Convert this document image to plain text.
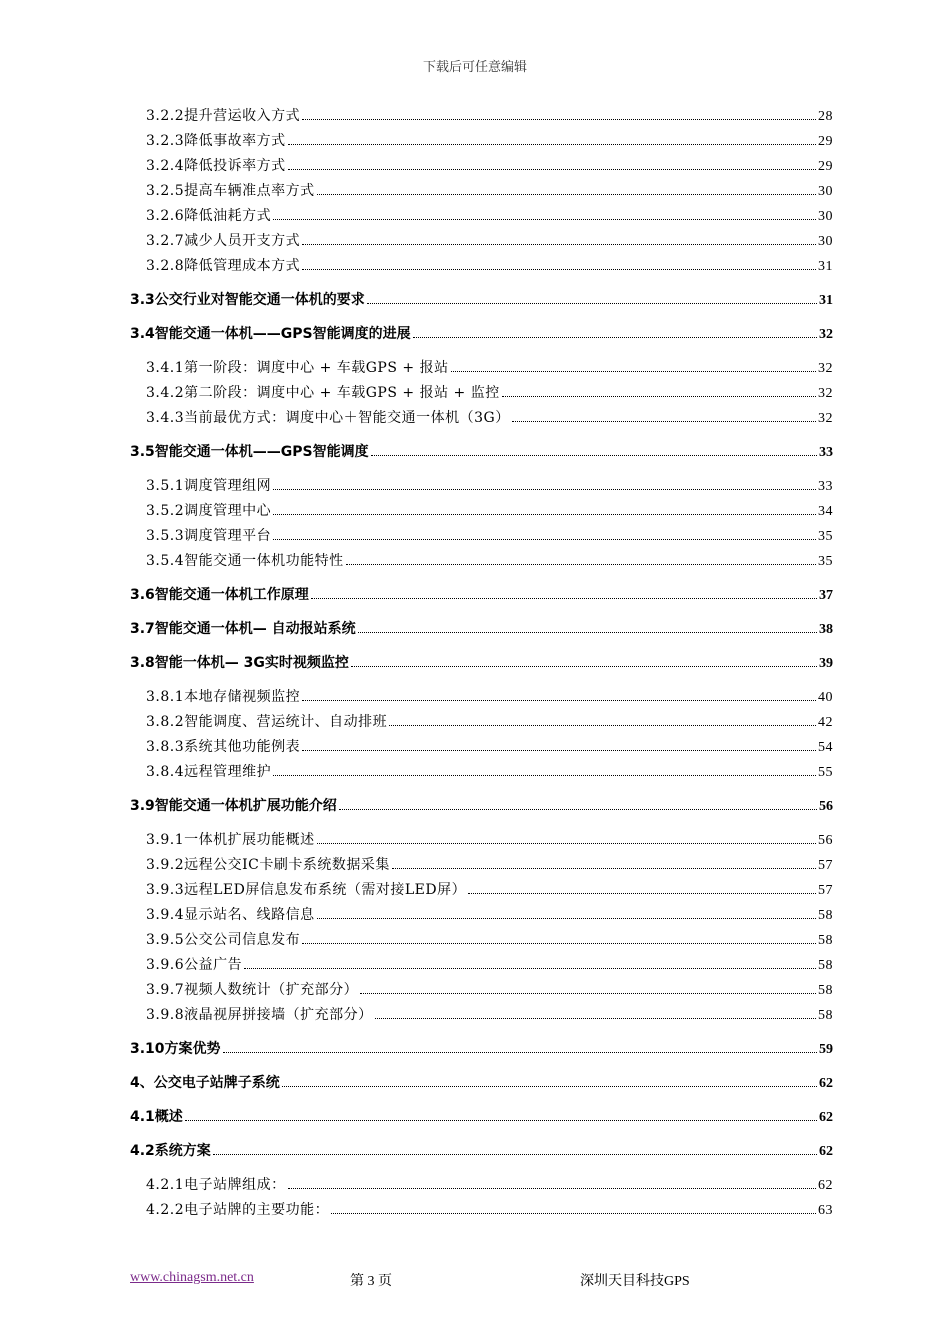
下载后可任意编辑
3.2.2提升营运收入方式	28
3.2.3降低事故率方式	29
3.2.4降低投诉率方式	29
3.2.5提高车辆准点率方式	30
3.2.6降低油耗方式	30
3.2.7减少人员开支方式	30
3.2.8降低管理成本方式	31
3.3公交行业对智能交通一体机的要求	31
3.4智能交通一体机——GPS智能调度的进展	32
3.4.1第一阶段：调度中心 + 车载GPS + 报站	32
3.4.2第二阶段：调度中心 + 车载GPS + 报站 + 监控	32
3.4.3当前最优方式：调度中心＋智能交通一体机（3G）	32
3.5智能交通一体机——GPS智能调度	33
3.5.1调度管理组网	33
3.5.2调度管理中心	34
3.5.3调度管理平台	35
3.5.4智能交通一体机功能特性	35
3.6智能交通一体机工作原理	37
3.7智能交通一体机— 自动报站系统	38
3.8智能一体机— 3G实时视频监控	39
3.8.1本地存储视频监控	40
3.8.2智能调度、营运统计、自动排班	42
3.8.3系统其他功能例表	54
3.8.4远程管理维护	55
3.9智能交通一体机扩展功能介绍	56
3.9.1一体机扩展功能概述	56
3.9.2远程公交IC卡刷卡系统数据采集	57
3.9.3远程LED屏信息发布系统（需对接LED屏）	57
3.9.4显示站名、线路信息	58
3.9.5公交公司信息发布	58
3.9.6公益广告	58
3.9.7视频人数统计（扩充部分）	58
3.9.8液晶视屏拼接墙（扩充部分）	58
3.10方案优势	59
4、公交电子站牌子系统	62
4.1概述	62
4.2系统方案	62
4.2.1电子站牌组成：	62
4.2.2电子站牌的主要功能：	63
www.chinagsm.net.cn	第 3 页	深圳天目科技GPS
